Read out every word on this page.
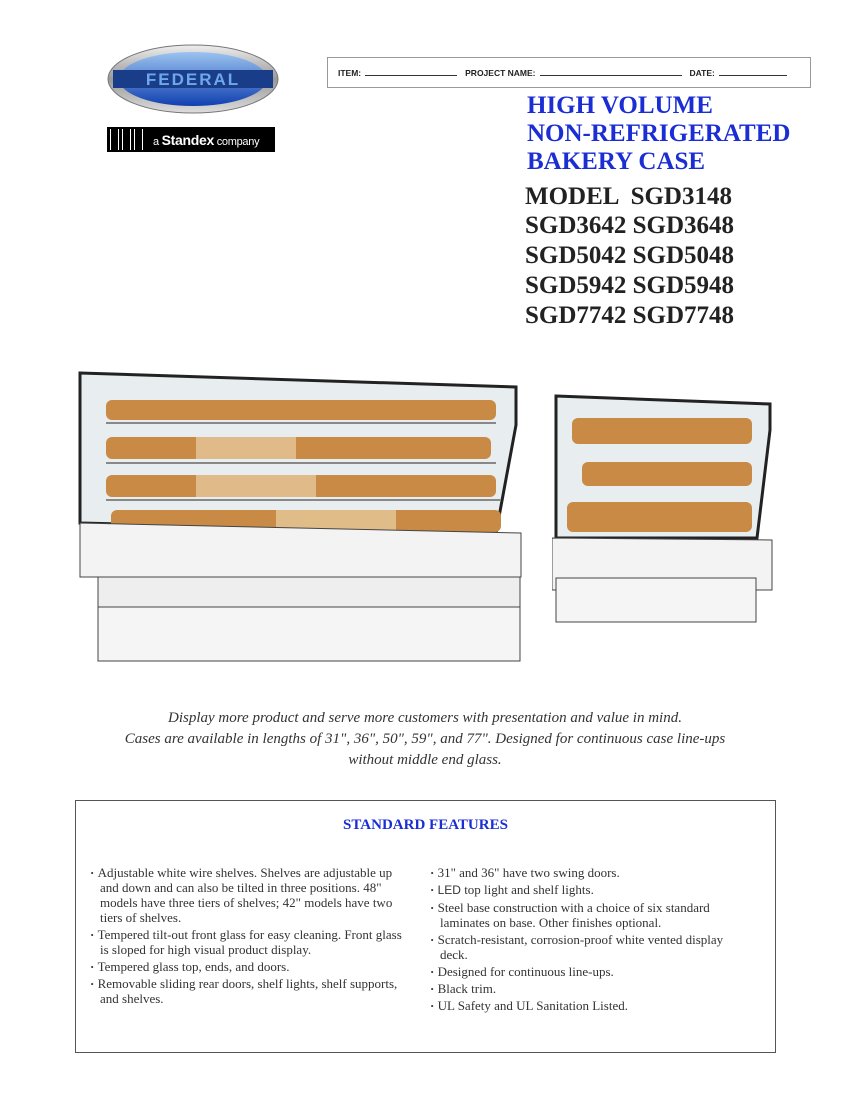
FEDERAL
a Standex company
ITEM:	PROJECT NAME:	DATE:
HIGH VOLUME
NON-REFRIGERATED
BAKERY CASE
MODEL  SGD3148
SGD3642 SGD3648
SGD5042 SGD5048
SGD5942 SGD5948
SGD7742 SGD7748
Display more product and serve more customers with presentation and value in mind.
Cases are available in lengths of 31", 36", 50", 59", and 77". Designed for continuous case line-ups
without middle end glass.
STANDARD FEATURES
· Adjustable white wire shelves. Shelves are adjustable up and down and can also be tilted in three positions. 48" models have three tiers of shelves; 42" models have two tiers of shelves.
· Tempered tilt-out front glass for easy cleaning. Front glass is sloped for high visual product display.
· Tempered glass top, ends, and doors.
· Removable sliding rear doors, shelf lights, shelf supports, and shelves.
· 31" and 36" have two swing doors.
· LED top light and shelf lights.
· Steel base construction with a choice of six standard laminates on base. Other finishes optional.
· Scratch-resistant, corrosion-proof white vented display deck.
· Designed for continuous line-ups.
· Black trim.
· UL Safety and UL Sanitation Listed.
